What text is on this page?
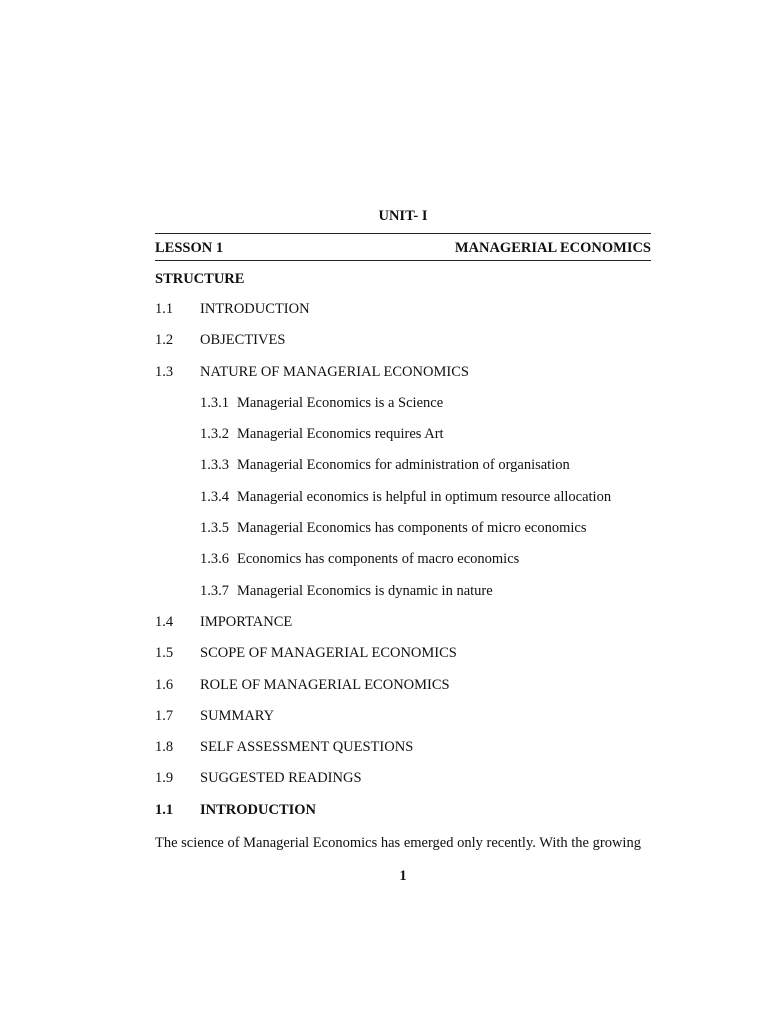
UNIT- I
LESSON 1	MANAGERIAL ECONOMICS
STRUCTURE
1.1 INTRODUCTION
1.2 OBJECTIVES
1.3 NATURE OF MANAGERIAL ECONOMICS
1.3.1 Managerial Economics is a Science
1.3.2 Managerial Economics requires Art
1.3.3 Managerial Economics for administration of organisation
1.3.4 Managerial economics is helpful in optimum resource allocation
1.3.5 Managerial Economics has components of micro economics
1.3.6 Economics has components of macro economics
1.3.7 Managerial Economics is dynamic in nature
1.4 IMPORTANCE
1.5 SCOPE OF MANAGERIAL ECONOMICS
1.6 ROLE OF MANAGERIAL ECONOMICS
1.7 SUMMARY
1.8 SELF ASSESSMENT QUESTIONS
1.9 SUGGESTED READINGS
1.1 INTRODUCTION
The science of Managerial Economics has emerged only recently. With the growing
1
